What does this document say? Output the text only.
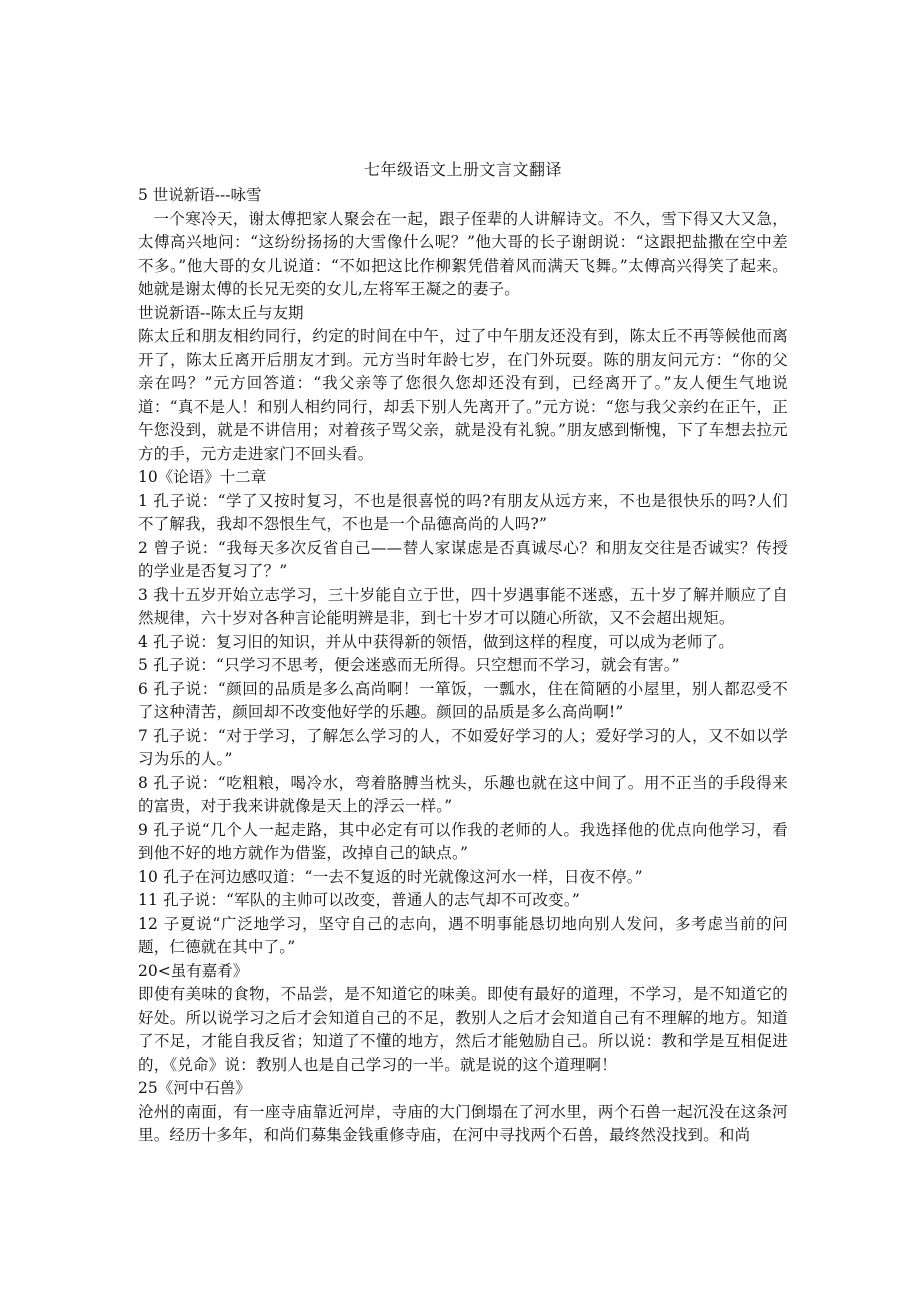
七年级语文上册文言文翻译
5 世说新语---咏雪

一个寒冷天，谢太傅把家人聚会在一起，跟子侄辈的人讲解诗文。不久，雪下得又大又急，太傅高兴地问：“这纷纷扬扬的大雪像什么呢？”他大哥的长子谢朗说：“这跟把盐撒在空中差不多。”他大哥的女儿说道：“不如把这比作柳絮凭借着风而满天飞舞。”太傅高兴得笑了起来。她就是谢太傅的长兄无奕的女儿,左将军王凝之的妻子。

世说新语--陈太丘与友期

陈太丘和朋友相约同行，约定的时间在中午，过了中午朋友还没有到，陈太丘不再等候他而离开了，陈太丘离开后朋友才到。元方当时年龄七岁，在门外玩耍。陈的朋友问元方：“你的父亲在吗？”元方回答道：“我父亲等了您很久您却还没有到，已经离开了。”友人便生气地说道：“真不是人！和别人相约同行，却丢下别人先离开了。”元方说：“您与我父亲约在正午，正午您没到，就是不讲信用；对着孩子骂父亲，就是没有礼貌。”朋友感到惭愧，下了车想去拉元方的手，元方走进家门不回头看。

10《论语》十二章

1 孔子说：“学了又按时复习，不也是很喜悦的吗?有朋友从远方来，不也是很快乐的吗?人们不了解我，我却不怨恨生气，不也是一个品德高尚的人吗?”

2 曾子说：“我每天多次反省自己——替人家谋虑是否真诚尽心？和朋友交往是否诚实？传授的学业是否复习了？”

3 我十五岁开始立志学习，三十岁能自立于世，四十岁遇事能不迷惑，五十岁了解并顺应了自然规律，六十岁对各种言论能明辨是非，到七十岁才可以随心所欲，又不会超出规矩。

4 孔子说：复习旧的知识，并从中获得新的领悟，做到这样的程度，可以成为老师了。

5 孔子说：“只学习不思考，便会迷惑而无所得。只空想而不学习，就会有害。”

6 孔子说：“颜回的品质是多么高尚啊！一箪饭，一瓢水，住在简陋的小屋里，别人都忍受不了这种清苦，颜回却不改变他好学的乐趣。颜回的品质是多么高尚啊!”

7 孔子说：“对于学习，了解怎么学习的人，不如爱好学习的人；爱好学习的人，又不如以学习为乐的人。”

8 孔子说：“吃粗粮，喝冷水，弯着胳膊当枕头，乐趣也就在这中间了。用不正当的手段得来的富贵，对于我来讲就像是天上的浮云一样。”

9 孔子说“几个人一起走路，其中必定有可以作我的老师的人。我选择他的优点向他学习，看到他不好的地方就作为借鉴，改掉自己的缺点。”

10 孔子在河边感叹道：“一去不复返的时光就像这河水一样，日夜不停。”

11 孔子说：“军队的主帅可以改变，普通人的志气却不可改变。”

12 子夏说“广泛地学习，坚守自己的志向，遇不明事能恳切地向别人发问，多考虑当前的问题，仁德就在其中了。”

20<虽有嘉肴》

即使有美味的食物，不品尝，是不知道它的味美。即使有最好的道理，不学习，是不知道它的好处。所以说学习之后才会知道自己的不足，教别人之后才会知道自己有不理解的地方。知道了不足，才能自我反省；知道了不懂的地方，然后才能勉励自己。所以说：教和学是互相促进的，《兑命》说：教别人也是自己学习的一半。就是说的这个道理啊！

25《河中石兽》

沧州的南面，有一座寺庙靠近河岸，寺庙的大门倒塌在了河水里，两个石兽一起沉没在这条河里。经历十多年，和尚们募集金钱重修寺庙，在河中寻找两个石兽，最终然没找到。和尚
